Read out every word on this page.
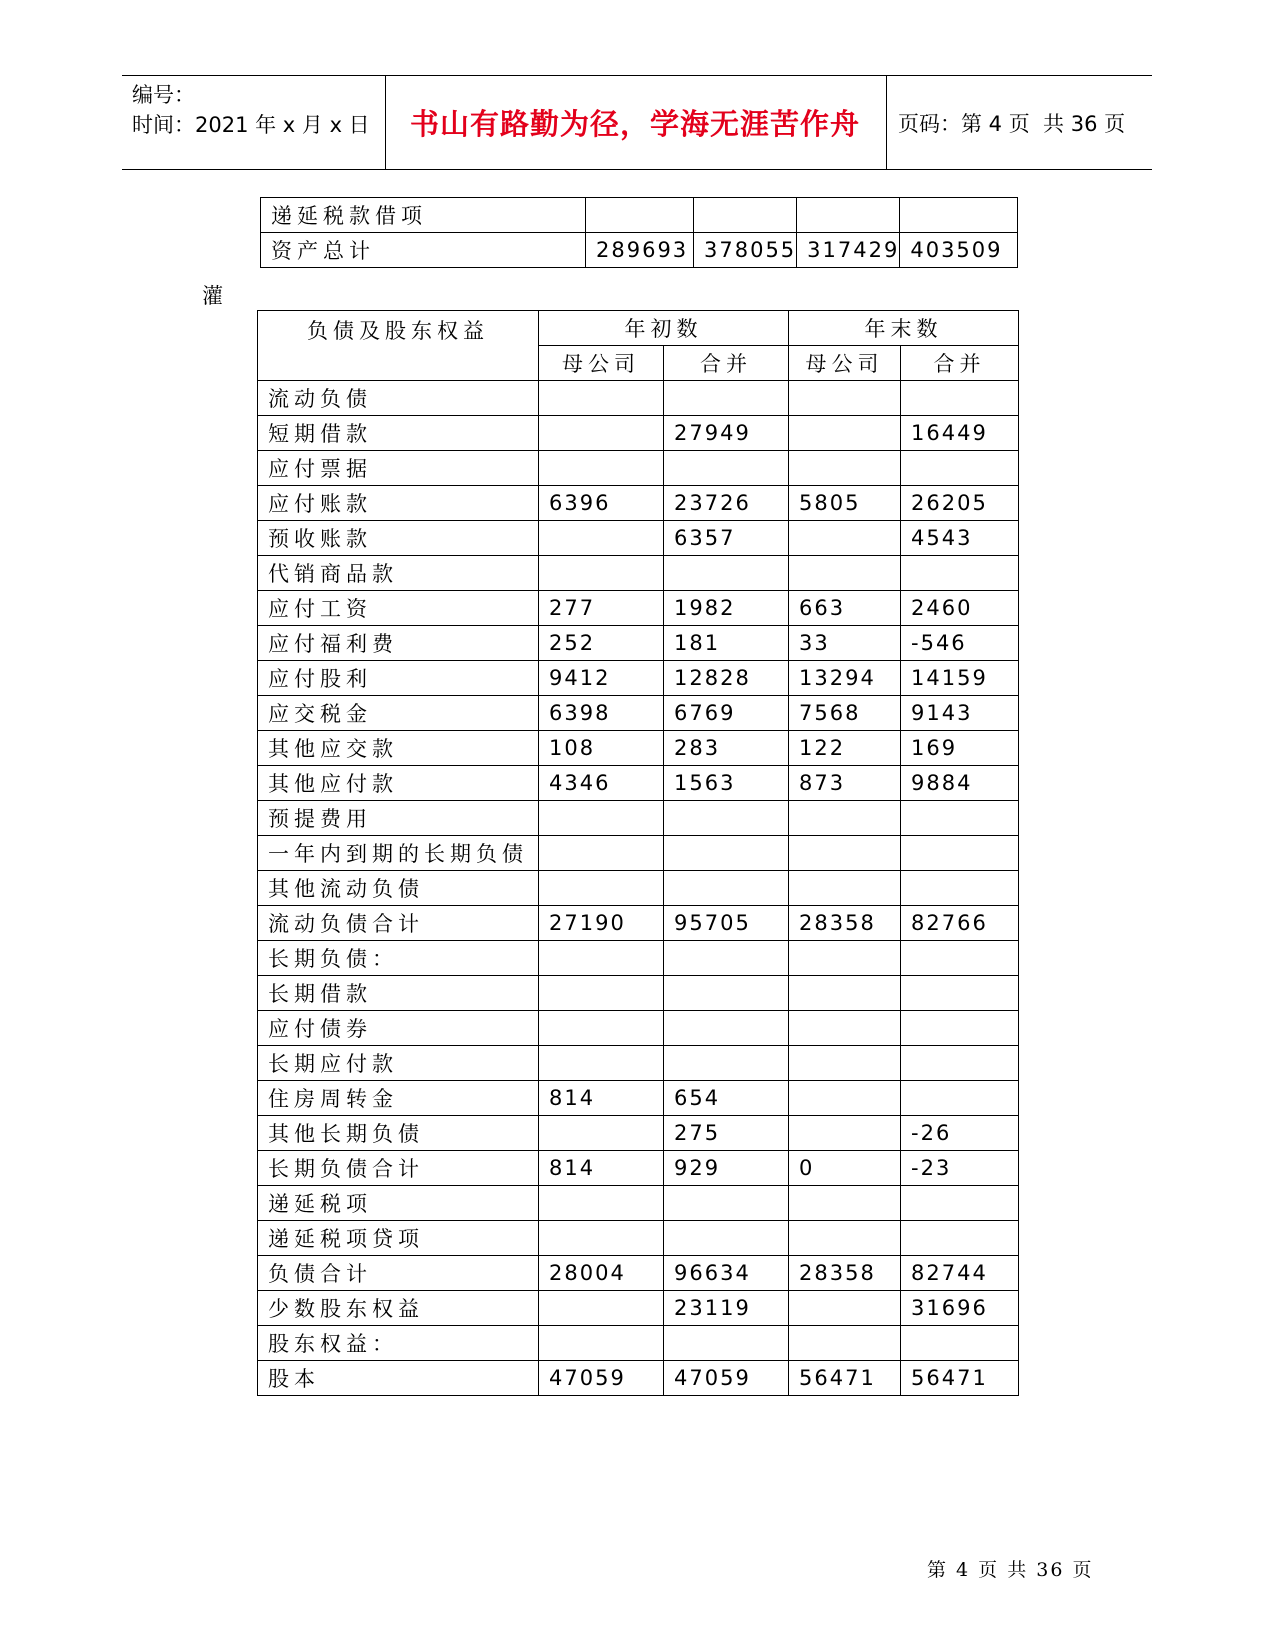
编号：
时间：2021 年 x 月 x 日	书山有路勤为径，学海无涯苦作舟	页码：第 4 页  共 36 页
递延税款借项				
资产总计	289693	378055	317429	403509
灌
负债及股东权益	年初数		年末数	
	母公司	合并	母公司	合并
流动负债				
短期借款		27949		16449
应付票据				
应付账款	6396	23726	5805	26205
预收账款		6357		4543
代销商品款				
应付工资	277	1982	663	2460
应付福利费	252	181	33	-546
应付股利	9412	12828	13294	14159
应交税金	6398	6769	7568	9143
其他应交款	108	283	122	169
其他应付款	4346	1563	873	9884
预提费用				
一年内到期的长期负债				
其他流动负债				
流动负债合计	27190	95705	28358	82766
长期负债：				
长期借款				
应付债券				
长期应付款				
住房周转金	814	654		
其他长期负债		275		-26
长期负债合计	814	929	0	-23
递延税项				
递延税项贷项				
负债合计	28004	96634	28358	82744
少数股东权益		23119		31696
股东权益：				
股本	47059	47059	56471	56471
第 4 页 共 36 页
